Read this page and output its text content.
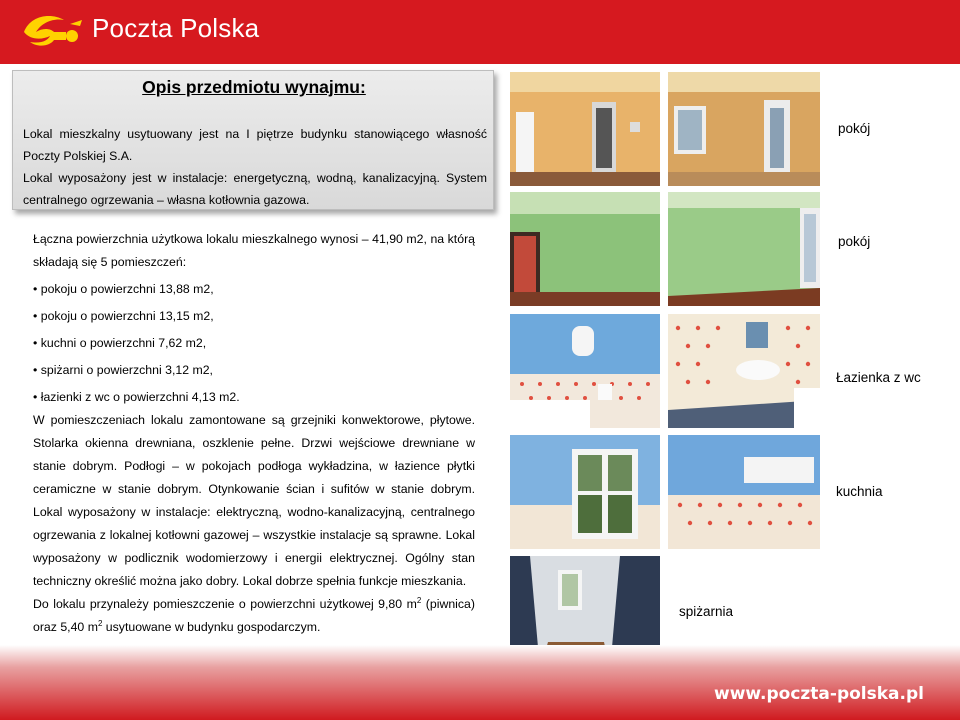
Poczta Polska
Opis przedmiotu wynajmu:

Lokal mieszkalny usytuowany jest na I piętrze budynku stanowiącego własność Poczty Polskiej S.A.

Lokal wyposażony jest w instalacje: energetyczną, wodną, kanalizacyjną. System centralnego ogrzewania – własna kotłownia gazowa.

Łączna powierzchnia użytkowa lokalu mieszkalnego wynosi – 41,90 m2, na którą składają się 5 pomieszczeń:

• pokoju o powierzchni 13,88 m2,
• pokoju o powierzchni 13,15 m2,
• kuchni o powierzchni 7,62 m2,
• spiżarni o powierzchni 3,12 m2,
• łazienki z wc o powierzchni 4,13 m2.

W pomieszczeniach lokalu zamontowane są grzejniki konwektorowe, płytowe. Stolarka okienna drewniana, oszklenie pełne. Drzwi wejściowe drewniane w stanie dobrym. Podłogi – w pokojach podłoga wykładzina, w łazience płytki ceramiczne w stanie dobrym. Otynkowanie ścian i sufitów w stanie dobrym. Lokal wyposażony w instalacje: elektryczną, wodno-kanalizacyjną, centralnego ogrzewania z lokalnej kotłowni gazowej – wszystkie instalacje są sprawne. Lokal wyposażony w podlicznik wodomierzowy i energii elektrycznej. Ogólny stan techniczny określić można jako dobry. Lokal dobrze spełnia funkcje mieszkania.

Do lokalu przynależy pomieszczenie o powierzchni użytkowej 9,80 $m^2$ (piwnica) oraz 5,40 $m^2$ usytuowane w budynku gospodarczym.

pokój
pokój
Łazienka z wc
kuchnia
spiżarnia
www.poczta-polska.pl
